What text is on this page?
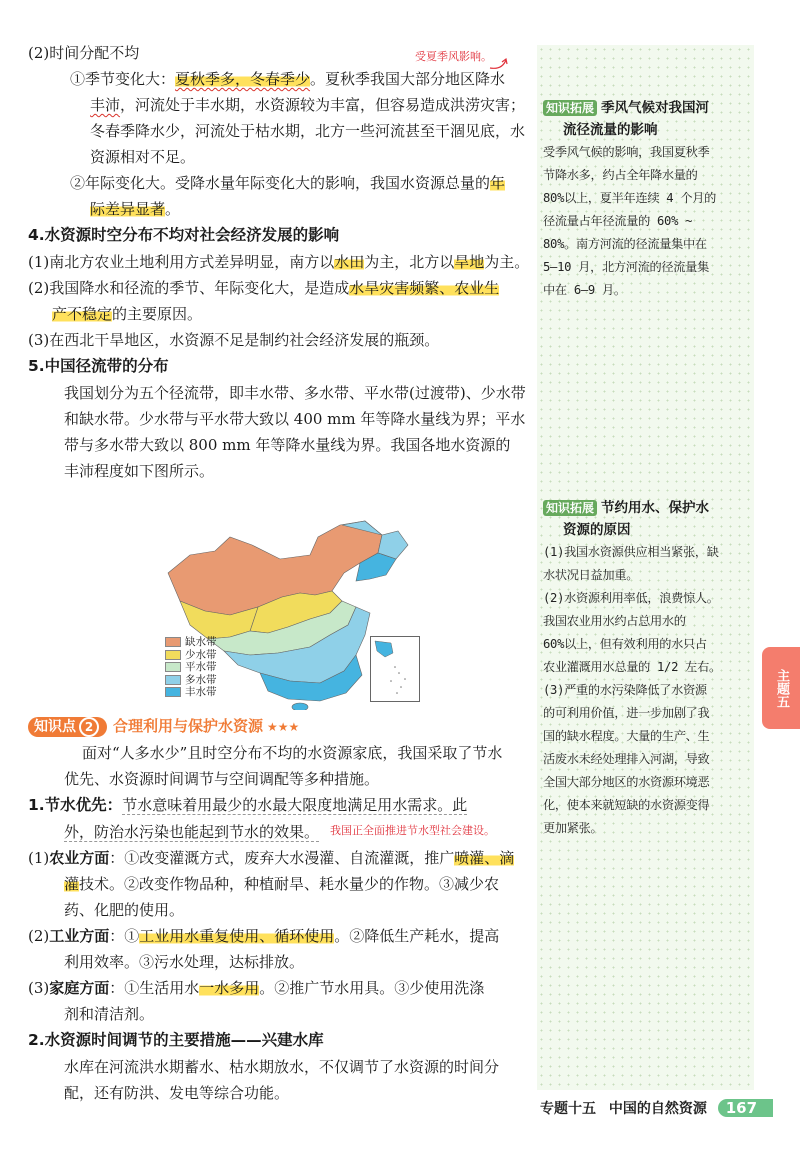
(2)时间分配不均
①季节变化大：夏秋季多，冬春季少。夏秋季我国大部分地区降水
丰沛，河流处于丰水期，水资源较为丰富，但容易造成洪涝灾害；
冬春季降水少，河流处于枯水期，北方一些河流甚至干涸见底，水
资源相对不足。
②年际变化大。受降水量年际变化大的影响，我国水资源总量的年
际差异显著。
4.水资源时空分布不均对社会经济发展的影响
(1)南北方农业土地利用方式差异明显，南方以水田为主，北方以旱地为主。
(2)我国降水和径流的季节、年际变化大，是造成水旱灾害频繁、农业生
产不稳定的主要原因。
(3)在西北干旱地区，水资源不足是制约社会经济发展的瓶颈。
5.中国径流带的分布
我国划分为五个径流带，即丰水带、多水带、平水带(过渡带)、少水带
和缺水带。少水带与平水带大致以 400 mm 年等降水量线为界；平水
带与多水带大致以 800 mm 年等降水量线为界。我国各地水资源的
丰沛程度如下图所示。
受夏季风影响。
缺水带
少水带
平水带
多水带
丰水带
知识点 2	合理利用与保护水资源 ★★★
面对“人多水少”且时空分布不均的水资源家底，我国采取了节水
优先、水资源时间调节与空间调配等多种措施。
1.节水优先：节水意味着用最少的水最大限度地满足用水需求。此
外，防治水污染也能起到节水的效果。
(1)农业方面：①改变灌溉方式，废弃大水漫灌、自流灌溉，推广喷灌、滴
灌技术。②改变作物品种，种植耐旱、耗水量少的作物。③减少农
药、化肥的使用。
(2)工业方面：①工业用水重复使用、循环使用。②降低生产耗水，提高
利用效率。③污水处理，达标排放。
(3)家庭方面：①生活用水一水多用。②推广节水用具。③少使用洗涤
剂和清洁剂。
2.水资源时间调节的主要措施——兴建水库
水库在河流洪水期蓄水、枯水期放水，不仅调节了水资源的时间分
配，还有防洪、发电等综合功能。
我国正全面推进节水型社会建设。
知识拓展 季风气候对我国河
流径流量的影响
受季风气候的影响，我国夏秋季
节降水多，约占全年降水量的
80%以上，夏半年连续 4 个月的
径流量占年径流量的 60% ~
80%。南方河流的径流量集中在
5—10 月，北方河流的径流量集
中在 6—9 月。
知识拓展 节约用水、保护水
资源的原因
(1)我国水资源供应相当紧张，缺
水状况日益加重。
(2)水资源利用率低，浪费惊人。
我国农业用水约占总用水的
60%以上，但有效利用的水只占
农业灌溉用水总量的 1/2 左右。
(3)严重的水污染降低了水资源
的可利用价值，进一步加剧了我
国的缺水程度。大量的生产、生
活废水未经处理排入河湖，导致
全国大部分地区的水资源环境恶
化，使本来就短缺的水资源变得
更加紧张。
主题五
专题十五 中国的自然资源 167
